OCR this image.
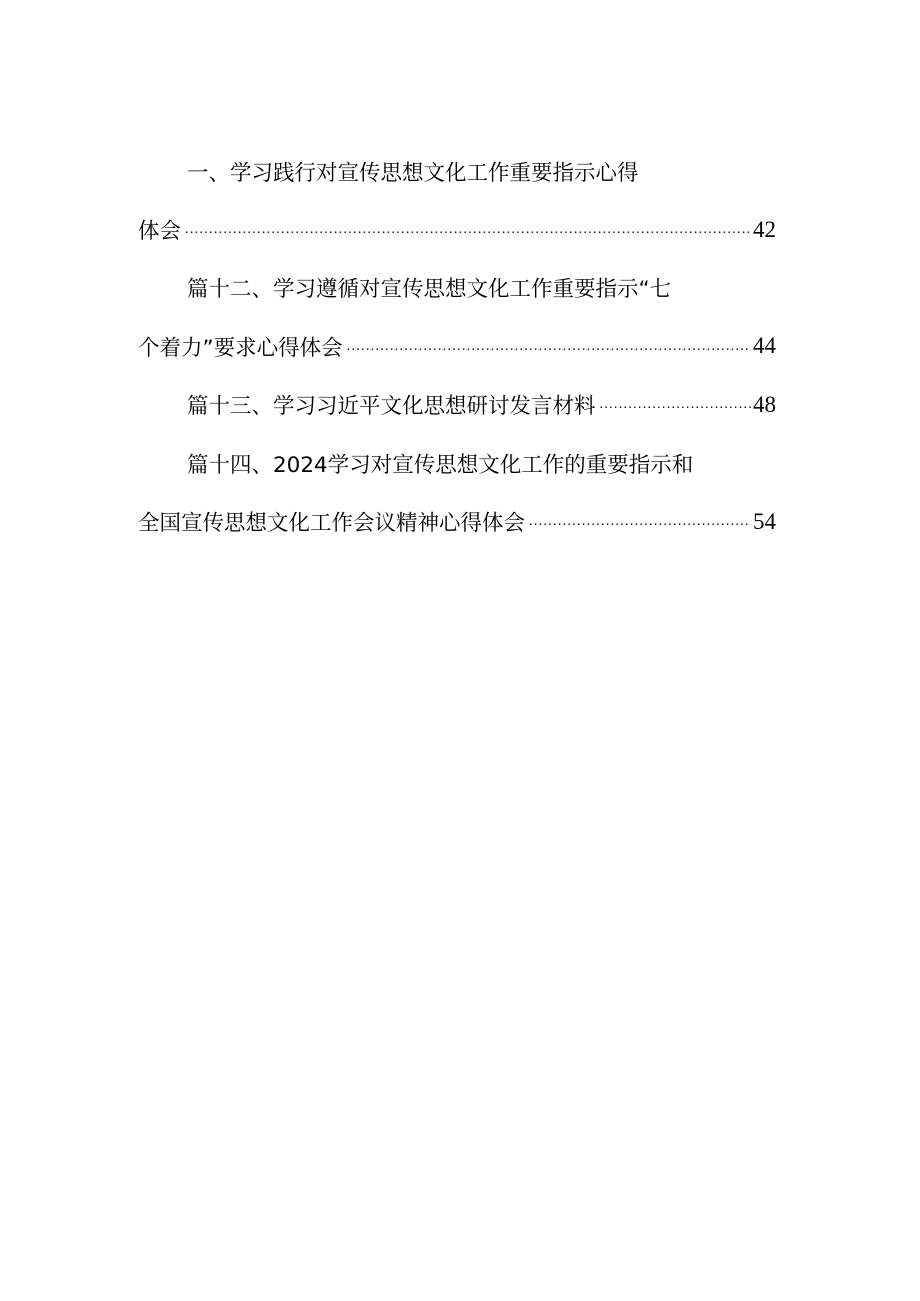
一、学习践行对宣传思想文化工作重要指示心得
体会 .....	42
篇十二、学习遵循对宣传思想文化工作重要指示“七
个着力”要求心得体会 .....	44
篇十三、学习习近平文化思想研讨发言材料 .....	48
篇十四、2024学习对宣传思想文化工作的重要指示和
全国宣传思想文化工作会议精神心得体会 .....	54
